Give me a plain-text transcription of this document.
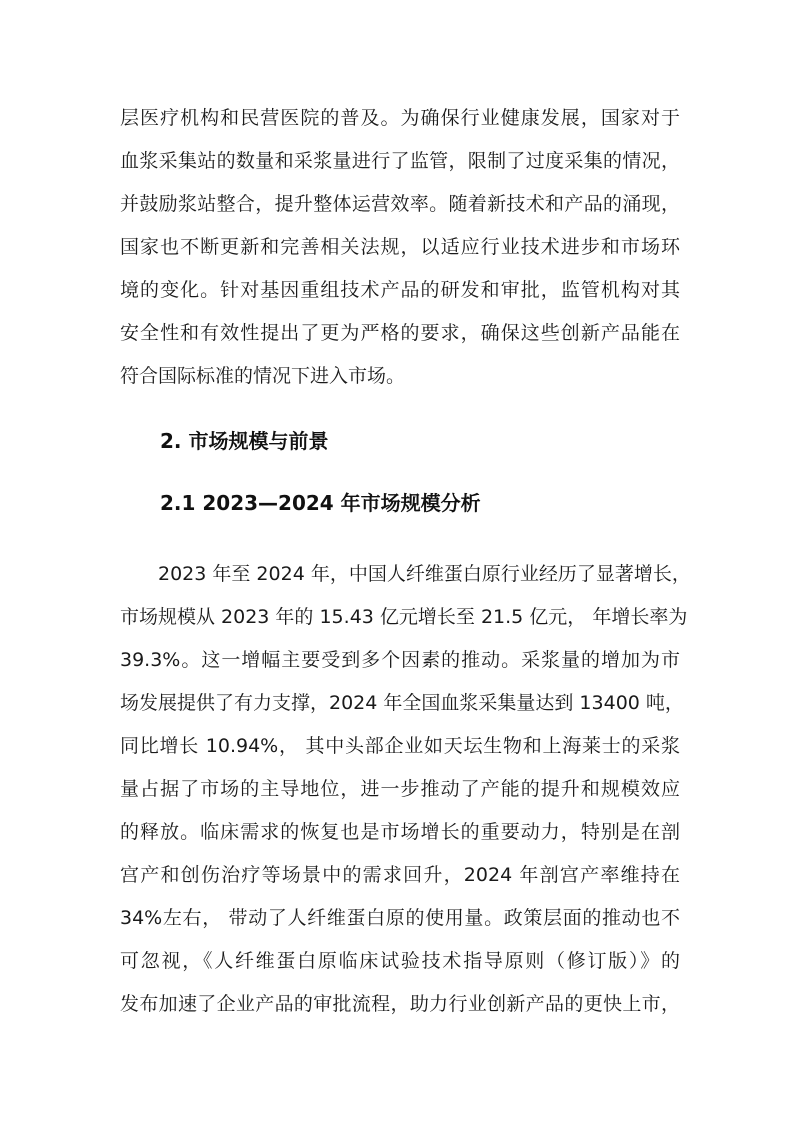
层医疗机构和民营医院的普及。为确保行业健康发展，国家对于

血浆采集站的数量和采浆量进行了监管，限制了过度采集的情况，

并鼓励浆站整合，提升整体运营效率。随着新技术和产品的涌现，

国家也不断更新和完善相关法规，以适应行业技术进步和市场环

境的变化。针对基因重组技术产品的研发和审批，监管机构对其

安全性和有效性提出了更为严格的要求，确保这些创新产品能在

符合国际标准的情况下进入市场。

2. 市场规模与前景
2.1 2023—2024 年市场规模分析

2023 年至 2024 年，中国人纤维蛋白原行业经历了显著增长，

市场规模从 2023 年的 15.43 亿元增长至 21.5 亿元， 年增长率为

39.3%。这一增幅主要受到多个因素的推动。采浆量的增加为市

场发展提供了有力支撑，2024 年全国血浆采集量达到 13400 吨，

同比增长 10.94%， 其中头部企业如天坛生物和上海莱士的采浆

量占据了市场的主导地位，进一步推动了产能的提升和规模效应

的释放。临床需求的恢复也是市场增长的重要动力，特别是在剖

宫产和创伤治疗等场景中的需求回升，2024 年剖宫产率维持在

34%左右， 带动了人纤维蛋白原的使用量。政策层面的推动也不

可忽视，《人纤维蛋白原临床试验技术指导原则（修订版）》的

发布加速了企业产品的审批流程，助力行业创新产品的更快上市，
